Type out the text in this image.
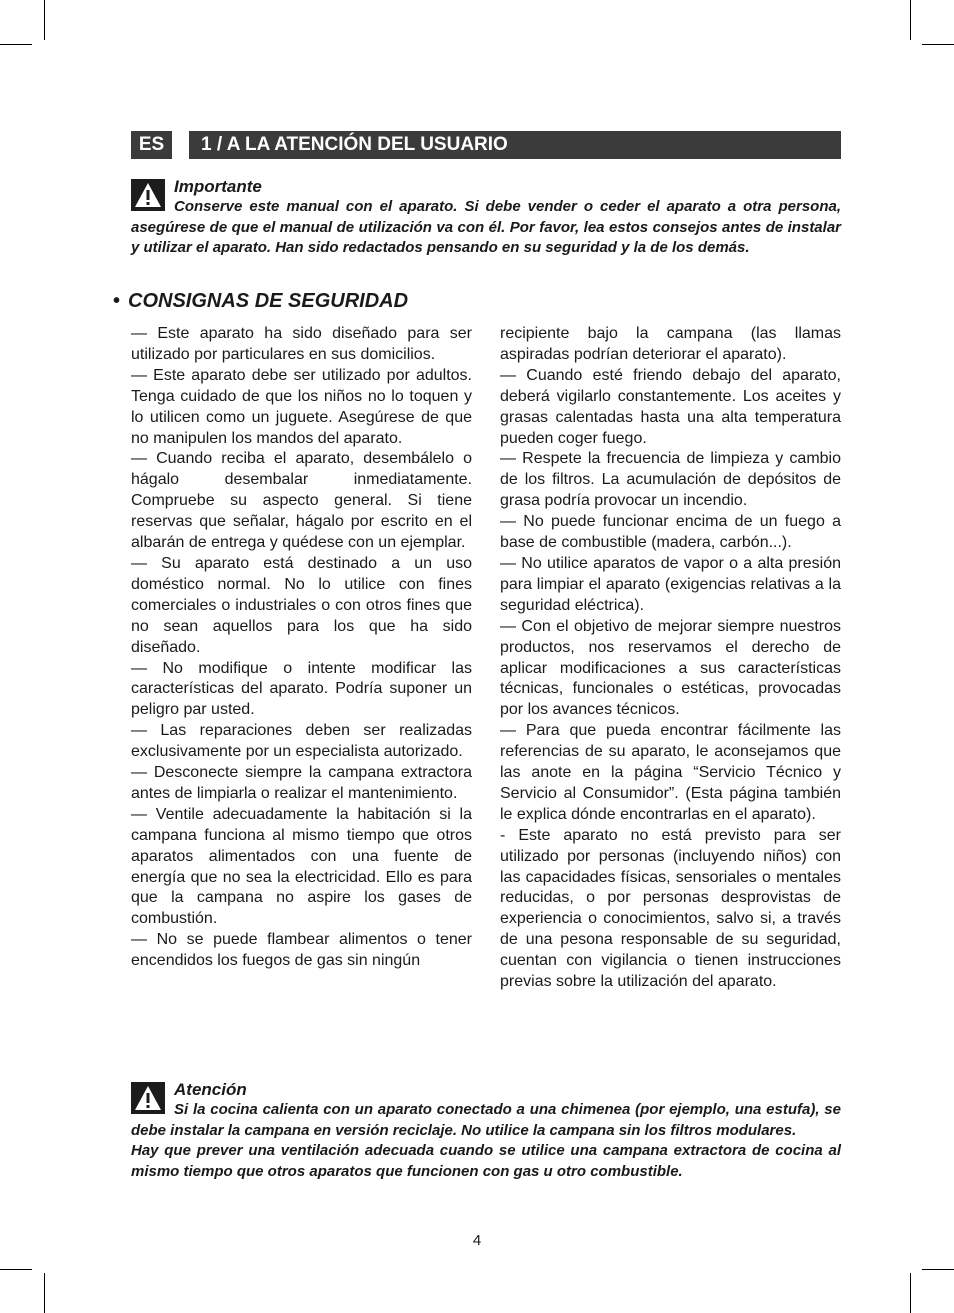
ES	1 / A LA ATENCIÓN DEL USUARIO
Importante

Conserve este manual con el aparato. Si debe vender o ceder el aparato a otra persona, asegúrese de que el manual de utilización va con él. Por favor, lea estos consejos antes de instalar y utilizar el aparato. Han sido redactados pensando en su seguridad y la de los demás.

• CONSIGNAS DE SEGURIDAD

— Este aparato ha sido diseñado para ser utilizado por particulares en sus domicilios.

— Este aparato debe ser utilizado por adultos. Tenga cuidado de que los niños no lo toquen y lo utilicen como un juguete. Asegúrese de que no manipulen los mandos del aparato.

— Cuando reciba el aparato, desembálelo o hágalo desembalar inmediatamente. Compruebe su aspecto general. Si tiene reservas que señalar, hágalo por escrito en el albarán de entrega y quédese con un ejemplar.

— Su aparato está destinado a un uso doméstico normal. No lo utilice con fines comerciales o industriales o con otros fines que no sean aquellos para los que ha sido diseñado.

— No modifique o intente modificar las características del aparato. Podría suponer un peligro par usted.

— Las reparaciones deben ser realizadas exclusivamente por un especialista autorizado.

— Desconecte siempre la campana extractora antes de limpiarla o realizar el mantenimiento.

— Ventile adecuadamente la habitación si la campana funciona al mismo tiempo que otros aparatos alimentados con una fuente de energía que no sea la electricidad. Ello es para que la campana no aspire los gases de combustión.

— No se puede flambear alimentos o tener encendidos los fuegos de gas sin ningún

recipiente bajo la campana (las llamas aspiradas podrían deteriorar el aparato).

— Cuando esté friendo debajo del aparato, deberá vigilarlo constantemente. Los aceites y grasas calentadas hasta una alta temperatura pueden coger fuego.

— Respete la frecuencia de limpieza y cambio de los filtros. La acumulación de depósitos de grasa podría provocar un incendio.

— No puede funcionar encima de un fuego a base de combustible (madera, carbón...).

— No utilice aparatos de vapor o a alta presión para limpiar el aparato (exigencias relativas a la seguridad eléctrica).

— Con el objetivo de mejorar siempre nuestros productos, nos reservamos el derecho de aplicar modificaciones a sus características técnicas, funcionales o estéticas, provocadas por los avances técnicos.

— Para que pueda encontrar fácilmente las referencias de su aparato, le aconsejamos que las anote en la página “Servicio Técnico y Servicio al Consumidor”. (Esta página también le explica dónde encontrarlas en el aparato).

- Este aparato no está previsto para ser utilizado por personas (incluyendo niños) con las capacidades físicas, sensoriales o mentales reducidas, o por personas desprovistas de experiencia o conocimientos, salvo si, a través de una pesona responsable de su seguridad, cuentan con vigilancia o tienen instrucciones previas sobre la utilización del aparato.

Atención

Si la cocina calienta con un aparato conectado a una chimenea (por ejemplo, una estufa), se debe instalar la campana en versión reciclaje. No utilice la campana sin los filtros modulares.

Hay que prever una ventilación adecuada cuando se utilice una campana extractora de cocina al mismo tiempo que otros aparatos que funcionen con gas u otro combustible.

4
